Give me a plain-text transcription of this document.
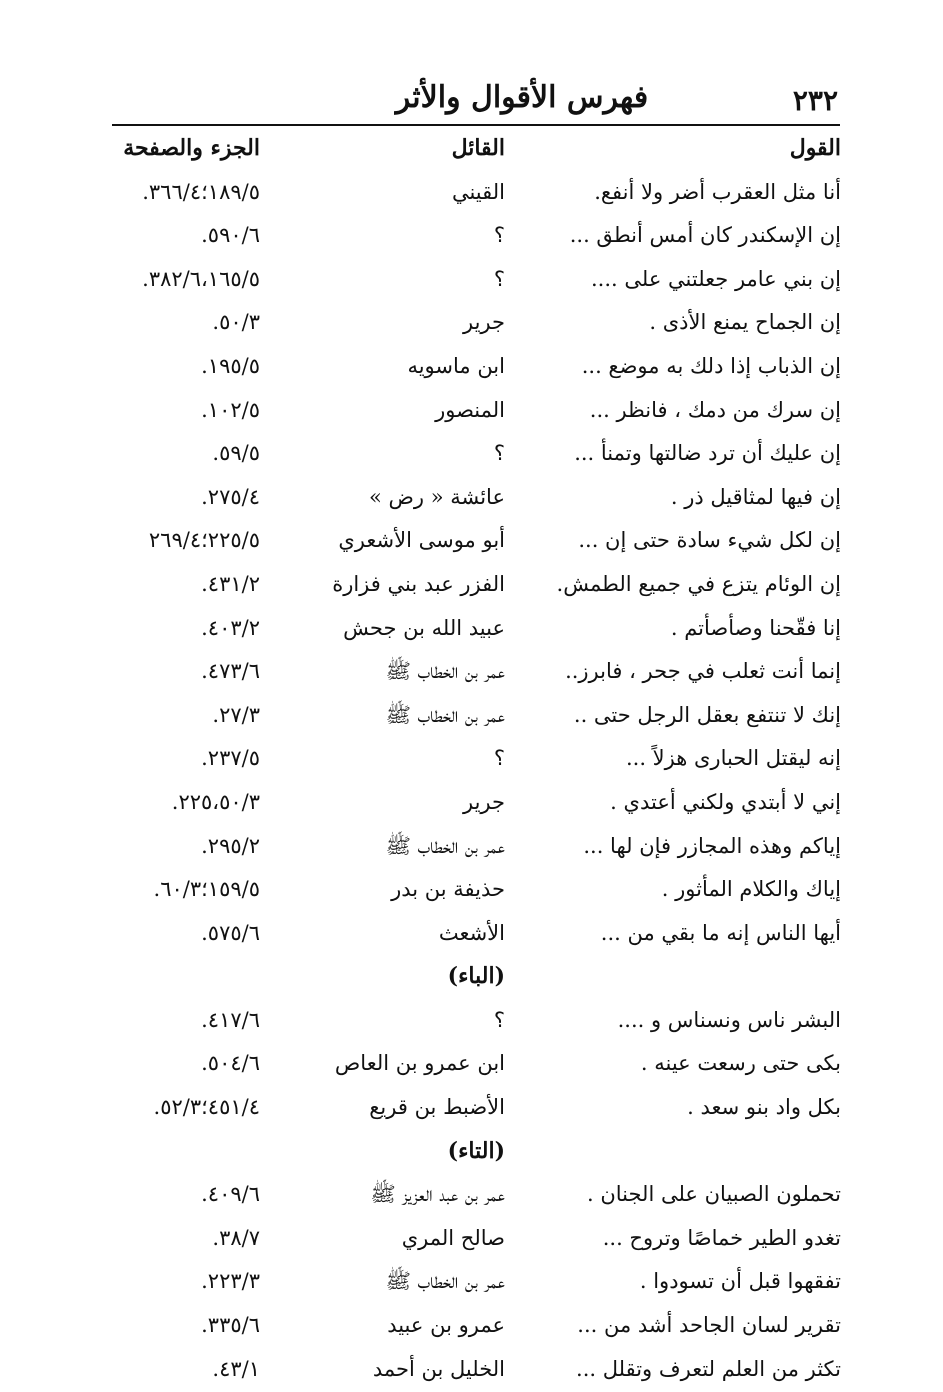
٢٣٢
فهرس الأقوال والأثر
القول
القائل
الجزء والصفحة
أنا مثل العقرب أضر ولا أنفع.
القيني
١٨٩/٥؛٣٦٦/٤.
إن الإسكندر كان أمس أنطق ...
؟
٥٩٠/٦.
إن بني عامر جعلتني على ....
؟
٣٨٢/٦،١٦٥/٥.
إن الجماح يمنع الأذى .
جرير
٥٠/٣.
إن الذباب إذا دلك به موضع ...
ابن ماسويه
١٩٥/٥.
إن سرك من دمك ، فانظر ...
المنصور
١٠٢/٥.
إن عليك أن ترد ضالتها وتمنأ ...
؟
٥٩/٥.
إن فيها لمثاقيل ذر .
عائشة « رض »
٢٧٥/٤.
إن لكل شيء سادة حتى إن ...
أبو موسى الأشعري
٢٢٥/٥؛٢٦٩/٤
إن الوئام يتزع في جميع الطمش.
الفزر عبد بني فزارة
٤٣١/٢.
إنا فقّحنا وصأصأتم .
عبيد الله بن جحش
٤٠٣/٢.
إنما أنت ثعلب في جحر ، فابرز..
عمر بن الخطاب ﷺ
٤٧٣/٦.
إنك لا تنتفع بعقل الرجل حتى ..
عمر بن الخطاب ﷺ
٢٧/٣.
إنه ليقتل الحبارى هزلاً ...
؟
٢٣٧/٥.
إني لا أبتدي ولكني أعتدي .
جرير
٢٢٥،٥٠/٣.
إياكم وهذه المجازر فإن لها ...
عمر بن الخطاب ﷺ
٢٩٥/٢.
إياك والكلام المأثور .
حذيفة بن بدر
١٥٩/٥؛٦٠/٣.
أيها الناس إنه ما بقي من ...
الأشعث
٥٧٥/٦.
(الباء)
البشر ناس ونسناس و ....
؟
٤١٧/٦.
بكى حتى رسعت عينه .
ابن عمرو بن العاص
٥٠٤/٦.
بكل واد بنو سعد .
الأضبط بن قريع
٤٥١/٤؛٥٢/٣.
(التاء)
تحملون الصبيان على الجنان .
عمر بن عبد العزيز ﷺ
٤٠٩/٦.
تغدو الطير خماصًا وتروح ...
صالح المري
٣٨/٧.
تفقهوا قبل أن تسودوا .
عمر بن الخطاب ﷺ
٢٢٣/٣.
تقرير لسان الجاحد أشد من ...
عمرو بن عبيد
٣٣٥/٦.
تكثر من العلم لتعرف وتقلل ...
الخليل بن أحمد
٤٣/١.
